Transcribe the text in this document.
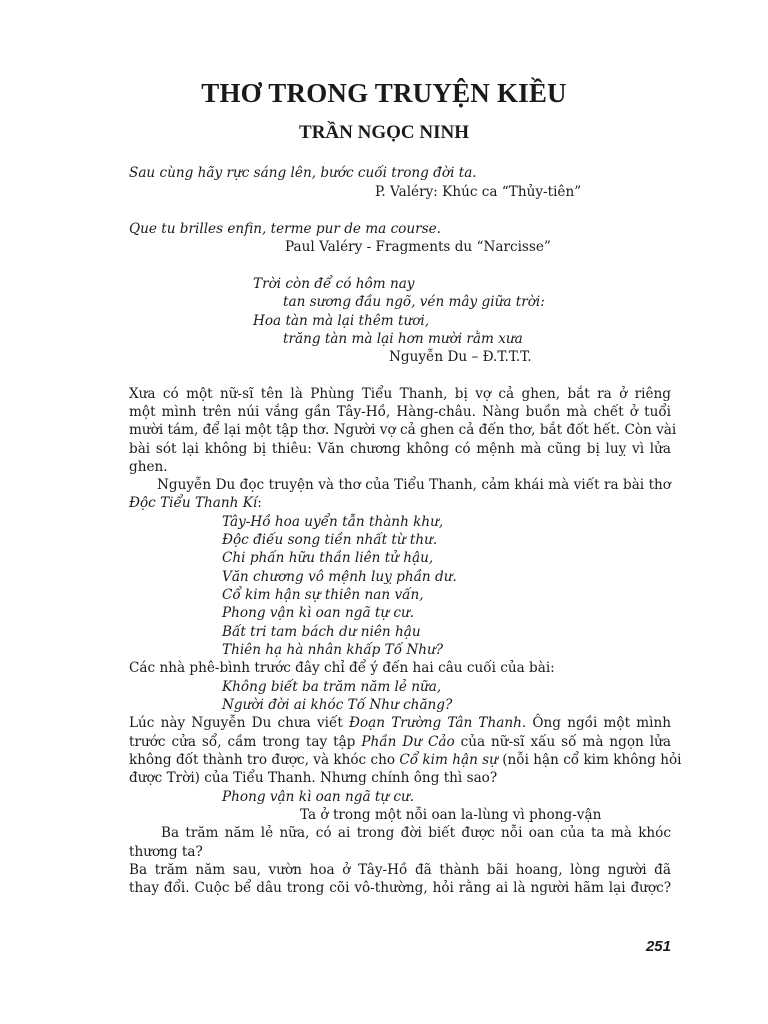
THƠ TRONG TRUYỆN KIỀU
TRẦN NGỌC NINH
Sau cùng hãy rực sáng lên, bước cuối trong đời ta.
P. Valéry: Khúc ca “Thủy-tiên”
Que tu brilles enfin, terme pur de ma course.
Paul Valéry - Fragments du “Narcisse”
Trời còn để có hôm nay
tan sương đầu ngõ, vén mây giữa trời:
Hoa tàn mà lại thêm tươi,
trăng tàn mà lại hơn mười rằm xưa
Nguyễn Du – Đ.T.T.T.
Xưa có một nữ-sĩ tên là Phùng Tiểu Thanh, bị vợ cả ghen, bắt ra ở riêng
một mình trên núi vắng gần Tây-Hồ, Hàng-châu. Nàng buồn mà chết ở tuổi
mười tám, để lại một tập thơ. Người vợ cả ghen cả đến thơ, bắt đốt hết. Còn vài
bài sót lại không bị thiêu: Văn chương không có mệnh mà cũng bị luỵ vì lửa
ghen.
Nguyễn Du đọc truyện và thơ của Tiểu Thanh, cảm khái mà viết ra bài thơ
Độc Tiểu Thanh Kí:
Tây-Hồ hoa uyển tẫn thành khư,
Độc điếu song tiền nhất từ thư.
Chi phấn hữu thần liên tử hậu,
Văn chương vô mệnh luỵ phần dư.
Cổ kim hận sự thiên nan vấn,
Phong vận kì oan ngã tự cư.
Bất tri tam bách dư niên hậu
Thiên hạ hà nhân khấp Tố Như?
Các nhà phê-bình trước đây chỉ để ý đến hai câu cuối của bài:
Không biết ba trăm năm lẻ nữa,
Người đời ai khóc Tố Như chăng?
Lúc này Nguyễn Du chưa viết Đoạn Trường Tân Thanh. Ông ngồi một mình
trước cửa sổ, cầm trong tay tập Phần Dư Cảo của nữ-sĩ xấu số mà ngọn lửa
không đốt thành tro được, và khóc cho Cổ kim hận sự (nỗi hận cổ kim không hỏi
được Trời) của Tiểu Thanh. Nhưng chính ông thì sao?
Phong vận kì oan ngã tự cư.
Ta ở trong một nỗi oan la-lùng vì phong-vận
Ba trăm năm lẻ nữa, có ai trong đời biết được nỗi oan của ta mà khóc
thương ta?
Ba trăm năm sau, vườn hoa ở Tây-Hồ đã thành bãi hoang, lòng người đã
thay đổi. Cuộc bể dâu trong cõi vô-thường, hỏi rằng ai là người hãm lại được?
251
